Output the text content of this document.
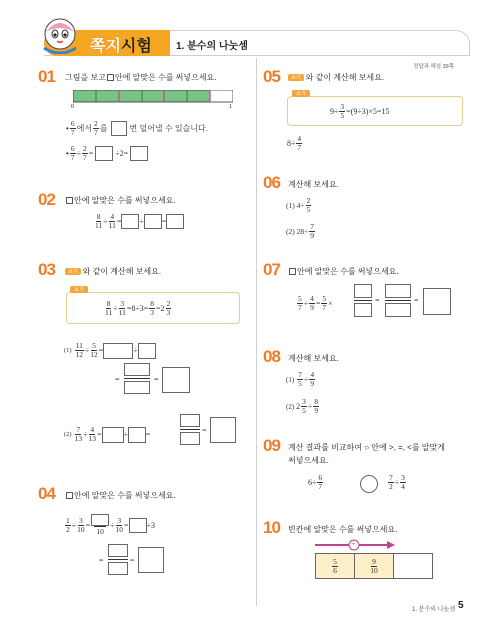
쪽지시험 1. 분수의 나눗셈
정답과 해설 39쪽
01 그림을 보고 안에 알맞은 수를 써넣으세요.
0	1
• $\frac{6}{7}$ 에서 $\frac{2}{7}$ 를	번 덜어낼 수 있습니다.
• $\frac{6}{7} \div \frac{2}{7}$ =	÷2=
02	안에 알맞은 수를 써넣으세요.
$\frac{8}{11} \div \frac{4}{11}$ = ÷ =
03	보기 와 같이 계산해 보세요.
보기
$\frac{8}{11} \div \frac{3}{11} =8\div 3= \frac{8}{3} = 2 \frac{2}{3}$
$(1) \frac{11}{12} \div \frac{5}{12}$ =	÷
=	=
$(2) \frac{7}{13} \div \frac{4}{13}$ =	÷ =	=
04	안에 알맞은 수를 써넣으세요.
$\frac{1}{2} \div \frac{3}{10}$ =
10
÷ $\frac{3}{10} = \div 3$
=	=
05	보기 와 같이 계산해 보세요.
보기
$9\div \frac{3}{5} =(9\div 3)\times 5=15$
$8\div \frac{4}{7}$
06 계산해 보세요.
(1) $4\div \frac{2}{5}$
(2) $28\div \frac{7}{9}$
07	안에 알맞은 수를 써넣으세요.
$\frac{5}{7} \div \frac{4}{9} = \frac{5}{7}$ ×	=	=
08 계산해 보세요.
$(1) \frac{7}{5} \div \frac{4}{9}$
(2) $2 \frac{3}{5} \div \frac{8}{9}$
09 계산 결과를 비교하여 ○ 안에 >, =, <를 알맞게
써넣으세요.
$6\div \frac{6}{7}$	$\frac{7}{2} \div \frac{3}{4}$
10 빈칸에 알맞은 수를 써넣으세요.
÷
$\frac{5}{6}$	$\frac{9}{10}$
1. 분수의 나눗셈 5
